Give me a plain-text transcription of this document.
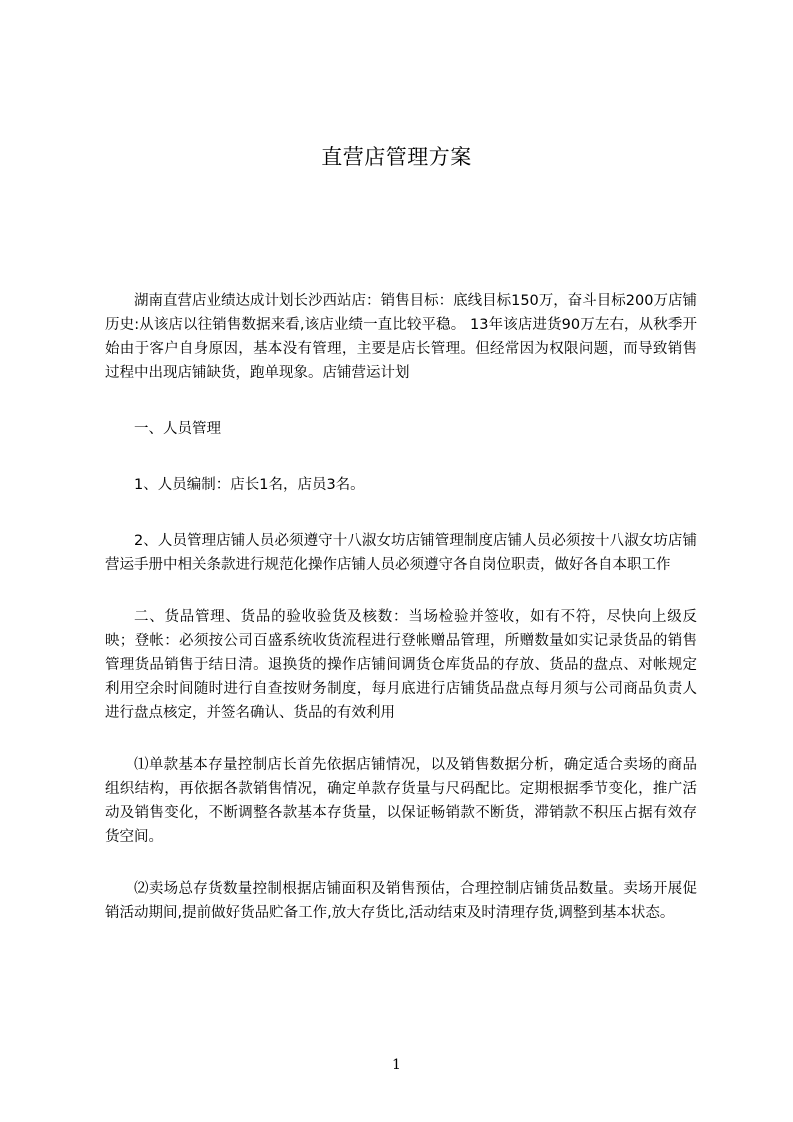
直营店管理方案

湖南直营店业绩达成计划长沙西站店：销售目标：底线目标150万，奋斗目标200万店铺历史:从该店以往销售数据来看,该店业绩一直比较平稳。 13年该店进货90万左右，从秋季开始由于客户自身原因，基本没有管理，主要是店长管理。但经常因为权限问题，而导致销售过程中出现店铺缺货，跑单现象。店铺营运计划

一、人员管理

1、人员编制：店长1名，店员3名。

2、人员管理店铺人员必须遵守十八淑女坊店铺管理制度店铺人员必须按十八淑女坊店铺营运手册中相关条款进行规范化操作店铺人员必须遵守各自岗位职责，做好各自本职工作

二、货品管理、货品的验收验货及核数：当场检验并签收，如有不符，尽快向上级反映；登帐：必须按公司百盛系统收货流程进行登帐赠品管理，所赠数量如实记录货品的销售管理货品销售于结日清。退换货的操作店铺间调货仓库货品的存放、货品的盘点、对帐规定利用空余时间随时进行自查按财务制度，每月底进行店铺货品盘点每月须与公司商品负责人进行盘点核定，并签名确认、货品的有效利用

⑴单款基本存量控制店长首先依据店铺情况，以及销售数据分析，确定适合卖场的商品组织结构，再依据各款销售情况，确定单款存货量与尺码配比。定期根据季节变化，推广活动及销售变化，不断调整各款基本存货量，以保证畅销款不断货，滞销款不积压占据有效存货空间。

⑵卖场总存货数量控制根据店铺面积及销售预估，合理控制店铺货品数量。卖场开展促销活动期间,提前做好货品贮备工作,放大存货比,活动结束及时清理存货,调整到基本状态。

1
